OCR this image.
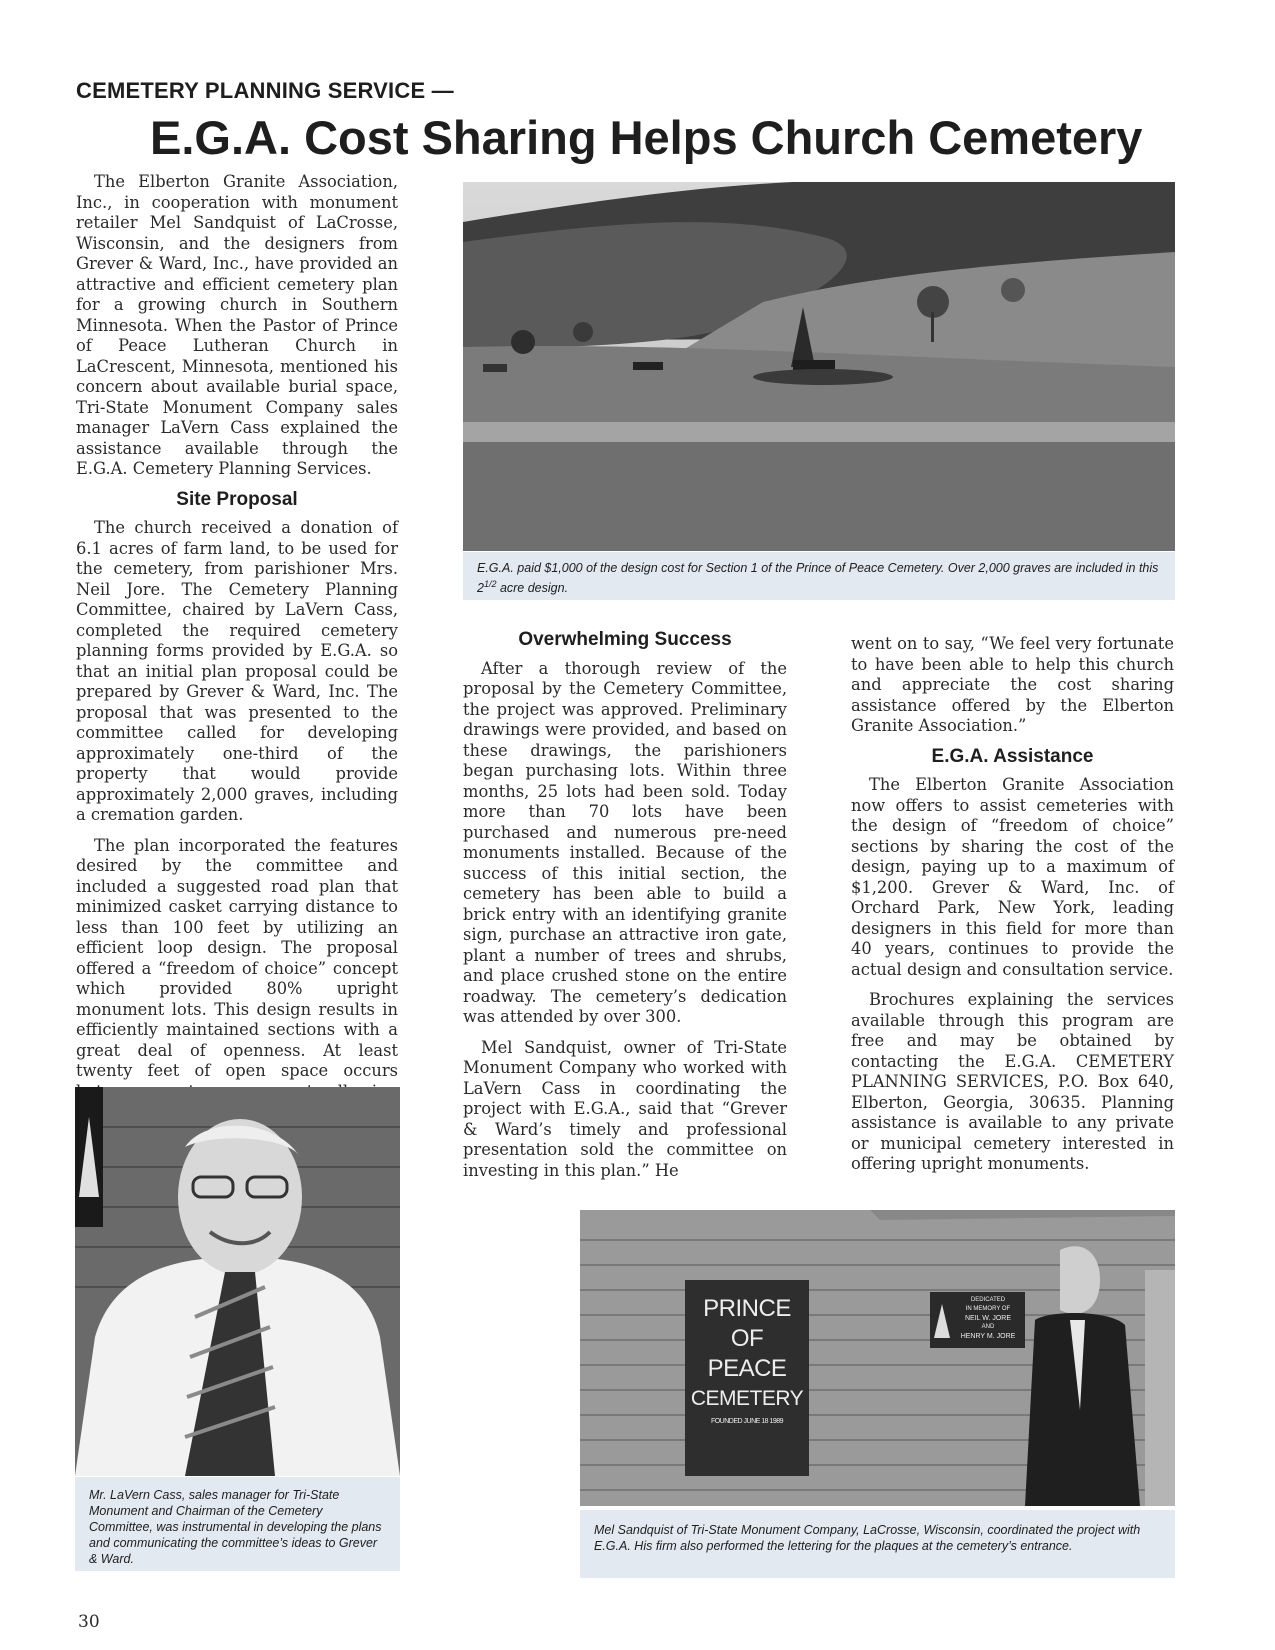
CEMETERY PLANNING SERVICE —
E.G.A. Cost Sharing Helps Church Cemetery

The Elberton Granite Association, Inc., in cooperation with monument retailer Mel Sandquist of LaCrosse, Wisconsin, and the designers from Grever & Ward, Inc., have provided an attractive and efficient cemetery plan for a growing church in Southern Minnesota. When the Pastor of Prince of Peace Lutheran Church in LaCrescent, Minnesota, mentioned his concern about available burial space, Tri-State Monument Company sales manager LaVern Cass explained the assistance available through the E.G.A. Cemetery Planning Services.

Site Proposal

The church received a donation of 6.1 acres of farm land, to be used for the cemetery, from parishioner Mrs. Neil Jore. The Cemetery Planning Committee, chaired by LaVern Cass, completed the required cemetery planning forms provided by E.G.A. so that an initial plan proposal could be prepared by Grever & Ward, Inc. The proposal that was presented to the committee called for developing approximately one-third of the property that would provide approximately 2,000 graves, including a cremation garden.

The plan incorporated the features desired by the committee and included a suggested road plan that minimized casket carrying distance to less than 100 feet by utilizing an efficient loop design. The proposal offered a “freedom of choice” concept which provided 80% upright monument lots. This design results in efficiently maintained sections with a great deal of openness. At least twenty feet of open space occurs

E.G.A. paid $1,000 of the design cost for Section 1 of the Prince of Peace Cemetery. Over 2,000 graves are included in this $2^{1/2}$ acre design.
Overwhelming Success

After a thorough review of the proposal by the Cemetery Committee, the project was approved. Preliminary drawings were provided, and based on these drawings, the parishioners began purchasing lots. Within three months, 25 lots had been sold. Today more than 70 lots have been purchased and numerous pre-need monuments installed. Because of the success of this initial section, the cemetery has been able to build a brick entry with an identifying granite sign, purchase an attractive iron gate, plant a number of trees and shrubs, and place crushed stone on the entire roadway. The cemetery’s dedication was attended by over 300.

Mel Sandquist, owner of Tri-State Monument Company who worked with LaVern Cass in coordinating the project with E.G.A., said that “Grever & Ward’s timely and professional presentation sold the committee on investing in this plan.” He

went on to say, “We feel very fortunate to have been able to help this church and appreciate the cost sharing assistance offered by the Elberton Granite Association.”

E.G.A. Assistance

The Elberton Granite Association now offers to assist cemeteries with the design of “freedom of choice” sections by sharing the cost of the design, paying up to a maximum of $1,200. Grever & Ward, Inc. of Orchard Park, New York, leading designers in this field for more than 40 years, continues to provide the actual design and consultation service.

Brochures explaining the services available through this program are free and may be obtained by contacting the E.G.A. CEMETERY PLANNING SERVICES, P.O. Box 640, Elberton, Georgia, 30635. Planning assistance is available to any private or municipal cemetery interested in offering upright monuments.

Mr. LaVern Cass, sales manager for Tri-State Monument and Chairman of the Cemetery Committee, was instrumental in developing the plans and communicating the committee’s ideas to Grever & Ward.
PRINCE
OF
PEACE
CEMETERY
FOUNDED JUNE 18 1989
DEDICATED
IN MEMORY OF
NEIL W. JORE
AND
HENRY M. JORE
Mel Sandquist of Tri-State Monument Company, LaCrosse, Wisconsin, coordinated the project with E.G.A. His firm also performed the lettering for the plaques at the cemetery’s entrance.
30
